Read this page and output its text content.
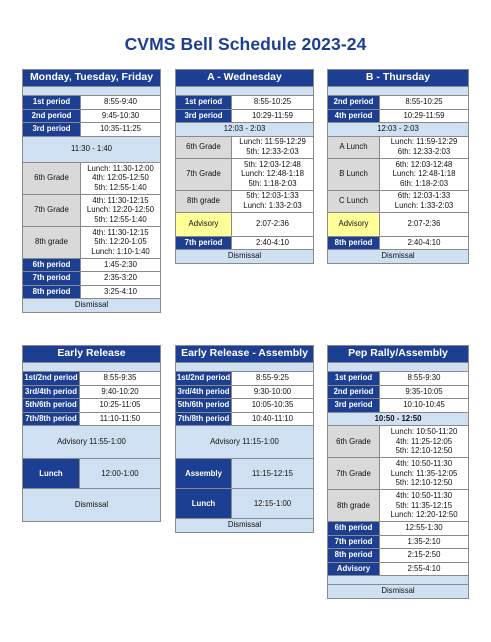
CVMS Bell Schedule 2023-24
Monday, Tuesday, Friday	

1st period	8:55-9:40
2nd period	9:45-10:30
3rd period	10:35-11:25
11:30 - 1:40	
6th Grade	Lunch: 11:30-12:00
4th: 12:05-12:50
5th: 12:55-1:40

7th Grade	4th: 11:30-12:15
Lunch: 12:20-12:50
5th: 12:55-1:40

8th grade	4th: 11:30-12:15
5th: 12:20-1:05
Lunch: 1:10-1:40

6th period	1:45-2:30
7th period	2:35-3:20
8th period	3:25-4:10
Dismissal	
A - Wednesday	

1st period	8:55-10:25
3rd period	10:29-11:59
12:03 - 2:03	
6th Grade	Lunch: 11:59-12:29
5th: 12:33-2:03

7th Grade	5th: 12:03-12:48
Lunch: 12:48-1:18
5th: 1:18-2:03

8th grade	5th: 12:03-1:33
Lunch: 1:33-2:03

Advisory	2:07-2:36
7th period	2:40-4:10
Dismissal	
B - Thursday	

2nd period	8:55-10:25
4th period	10:29-11:59
12:03 - 2:03	
A Lunch	Lunch: 11:59-12:29
6th: 12:33-2:03

B Lunch	6th: 12:03-12:48
Lunch: 12:48-1:18
6th: 1:18-2:03

C Lunch	6th: 12:03-1:33
Lunch: 1:33-2:03

Advisory	2:07-2:36
8th period	2:40-4:10
Dismissal	
Early Release	

1st/2nd period	8:55-9:35
3rd/4th period	9:40-10:20
5th/6th period	10:25-11:05
7th/8th period	11:10-11:50
Advisory 11:55-1:00	
Lunch	12:00-1:00
Dismissal	
Early Release - Assembly	

1st/2nd period	8:55-9:25
3rd/4th period	9:30-10:00
5th/6th period	10:05-10:35
7th/8th period	10:40-11:10
Advisory 11:15-1:00	
Assembly	11:15-12:15
Lunch	12:15-1:00
Dismissal	
Pep Rally/Assembly	

1st period	8:55-9:30
2nd period	9:35-10:05
3rd period	10:10-10:45
10:50 - 12:50	
6th Grade	Lunch: 10:50-11:20
4th: 11:25-12:05
5th: 12:10-12:50

7th Grade	4th: 10:50-11:30
Lunch: 11:35-12:05
5th: 12:10-12:50

8th grade	4th: 10:50-11:30
5th: 11:35-12:15
Lunch: 12:20-12:50

6th period	12:55-1:30
7th period	1:35-2:10
8th period	2:15-2:50
Advisory	2:55-4:10

Dismissal	
